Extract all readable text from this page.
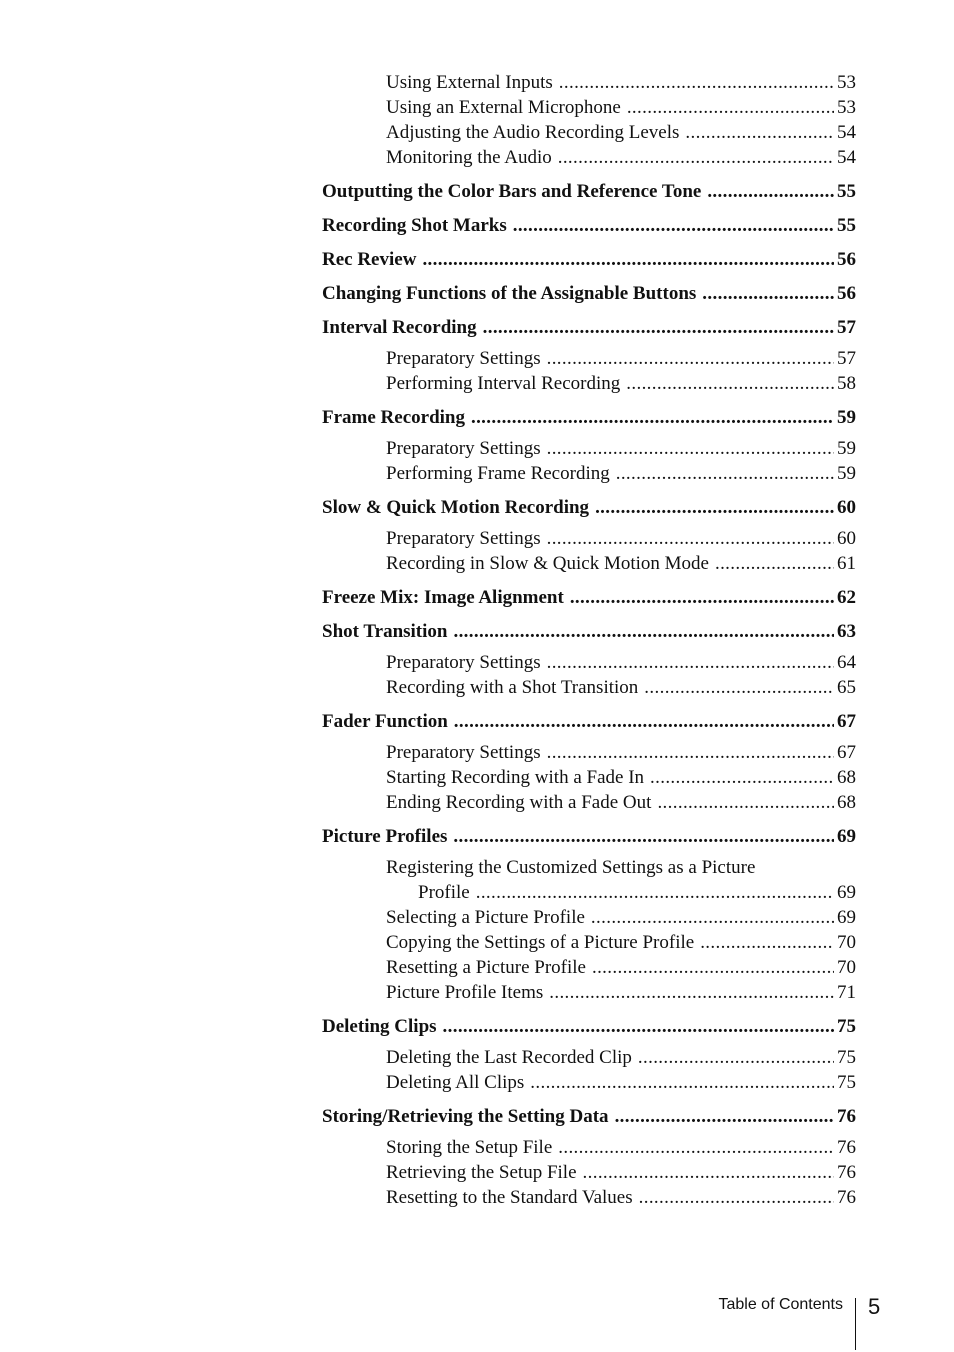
Using External Inputs . . .	53
Using an External Microphone . . .	53
Adjusting the Audio Recording Levels . . .	54
Monitoring the Audio . . .	54
Outputting the Color Bars and Reference Tone . . .	55
Recording Shot Marks . . .	55
Rec Review . . .	56
Changing Functions of the Assignable Buttons . . .	56
Interval Recording . . .	57
Preparatory Settings . . .	57
Performing Interval Recording . . .	58
Frame Recording . . .	59
Preparatory Settings . . .	59
Performing Frame Recording . . .	59
Slow & Quick Motion Recording . . .	60
Preparatory Settings . . .	60
Recording in Slow & Quick Motion Mode . . .	61
Freeze Mix: Image Alignment . . .	62
Shot Transition . . .	63
Preparatory Settings . . .	64
Recording with a Shot Transition . . .	65
Fader Function . . .	67
Preparatory Settings . . .	67
Starting Recording with a Fade In . . .	68
Ending Recording with a Fade Out . . .	68
Picture Profiles . . .	69
Registering the Customized Settings as a Picture
Profile . . .	69
Selecting a Picture Profile . . .	69
Copying the Settings of a Picture Profile . . .	70
Resetting a Picture Profile . . .	70
Picture Profile Items . . .	71
Deleting Clips . . .	75
Deleting the Last Recorded Clip . . .	75
Deleting All Clips . . .	75
Storing/Retrieving the Setting Data . . .	76
Storing the Setup File . . .	76
Retrieving the Setup File . . .	76
Resetting to the Standard Values . . .	76
Table of Contents 5
